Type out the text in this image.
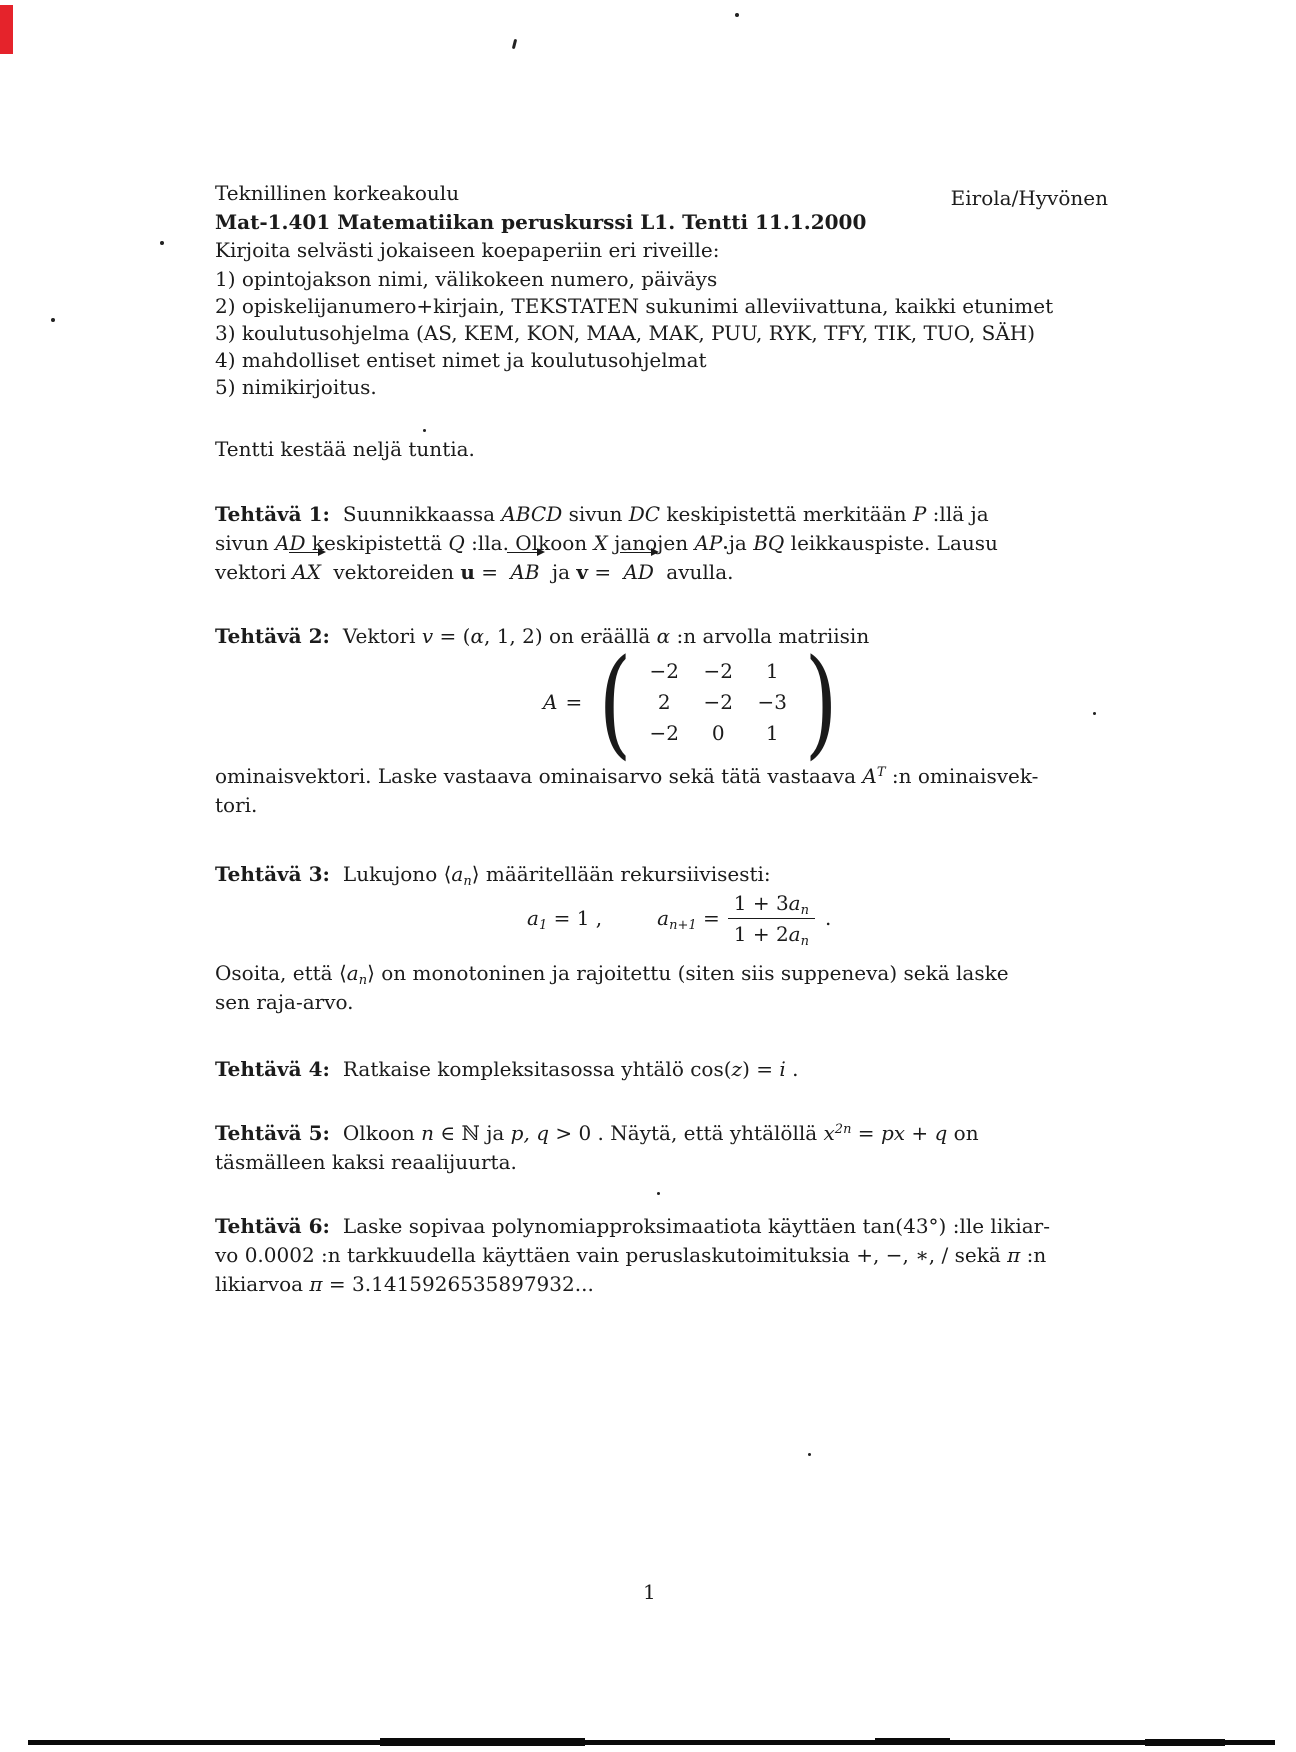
Teknillinen korkeakoulu	Eirola/Hyvönen
Mat-1.401 Matematiikan peruskurssi L1. Tentti 11.1.2000
Kirjoita selvästi jokaiseen koepaperiin eri riveille:
1) opintojakson nimi, välikokeen numero, päiväys
2) opiskelijanumero+kirjain, TEKSTATEN sukunimi alleviivattuna, kaikki etunimet
3) koulutusohjelma (AS, KEM, KON, MAA, MAK, PUU, RYK, TFY, TIK, TUO, SÄH)
4) mahdolliset entiset nimet ja koulutusohjelmat
5) nimikirjoitus.
Tentti kestää neljä tuntia.
Tehtävä 1: Suunnikkaassa ABCD sivun DC keskipistettä merkitään P :llä ja
sivun AD keskipistettä Q :lla. Olkoon X janojen AP ja BQ leikkauspiste. Lausu
vektori AX vektoreiden u = AB ja v = AD avulla.
Tehtävä 2: Vektori v = (α, 1, 2) on eräällä α :n arvolla matriisin
A = ( −2	−2	1
2	−2	−3
−2	0	1 )
ominaisvektori. Laske vastaava ominaisarvo sekä tätä vastaava $A^T$ :n ominaisvek-
tori.
Tehtävä 3: Lukujono $⟨a_n⟩$ määritellään rekursiivisesti:
$a_1 = 1$ ,	$a_{n+1} = \frac{1 + 3a_n}{1 + 2a_n}$ .
Osoita, että $⟨a_n⟩$ on monotoninen ja rajoitettu (siten siis suppeneva) sekä laske
sen raja-arvo.
Tehtävä 4: Ratkaise kompleksitasossa yhtälö cos(z) = i .
Tehtävä 5: Olkoon n ∈ ℕ ja p, q > 0 . Näytä, että yhtälöllä $x^{2n}$ = px + q on
täsmälleen kaksi reaalijuurta.
Tehtävä 6: Laske sopivaa polynomiapproksimaatiota käyttäen tan(43°) :lle likiar-
vo 0.0002 :n tarkkuudella käyttäen vain peruslaskutoimituksia +, −, ∗, / sekä π :n
likiarvoa π = 3.1415926535897932...
1
